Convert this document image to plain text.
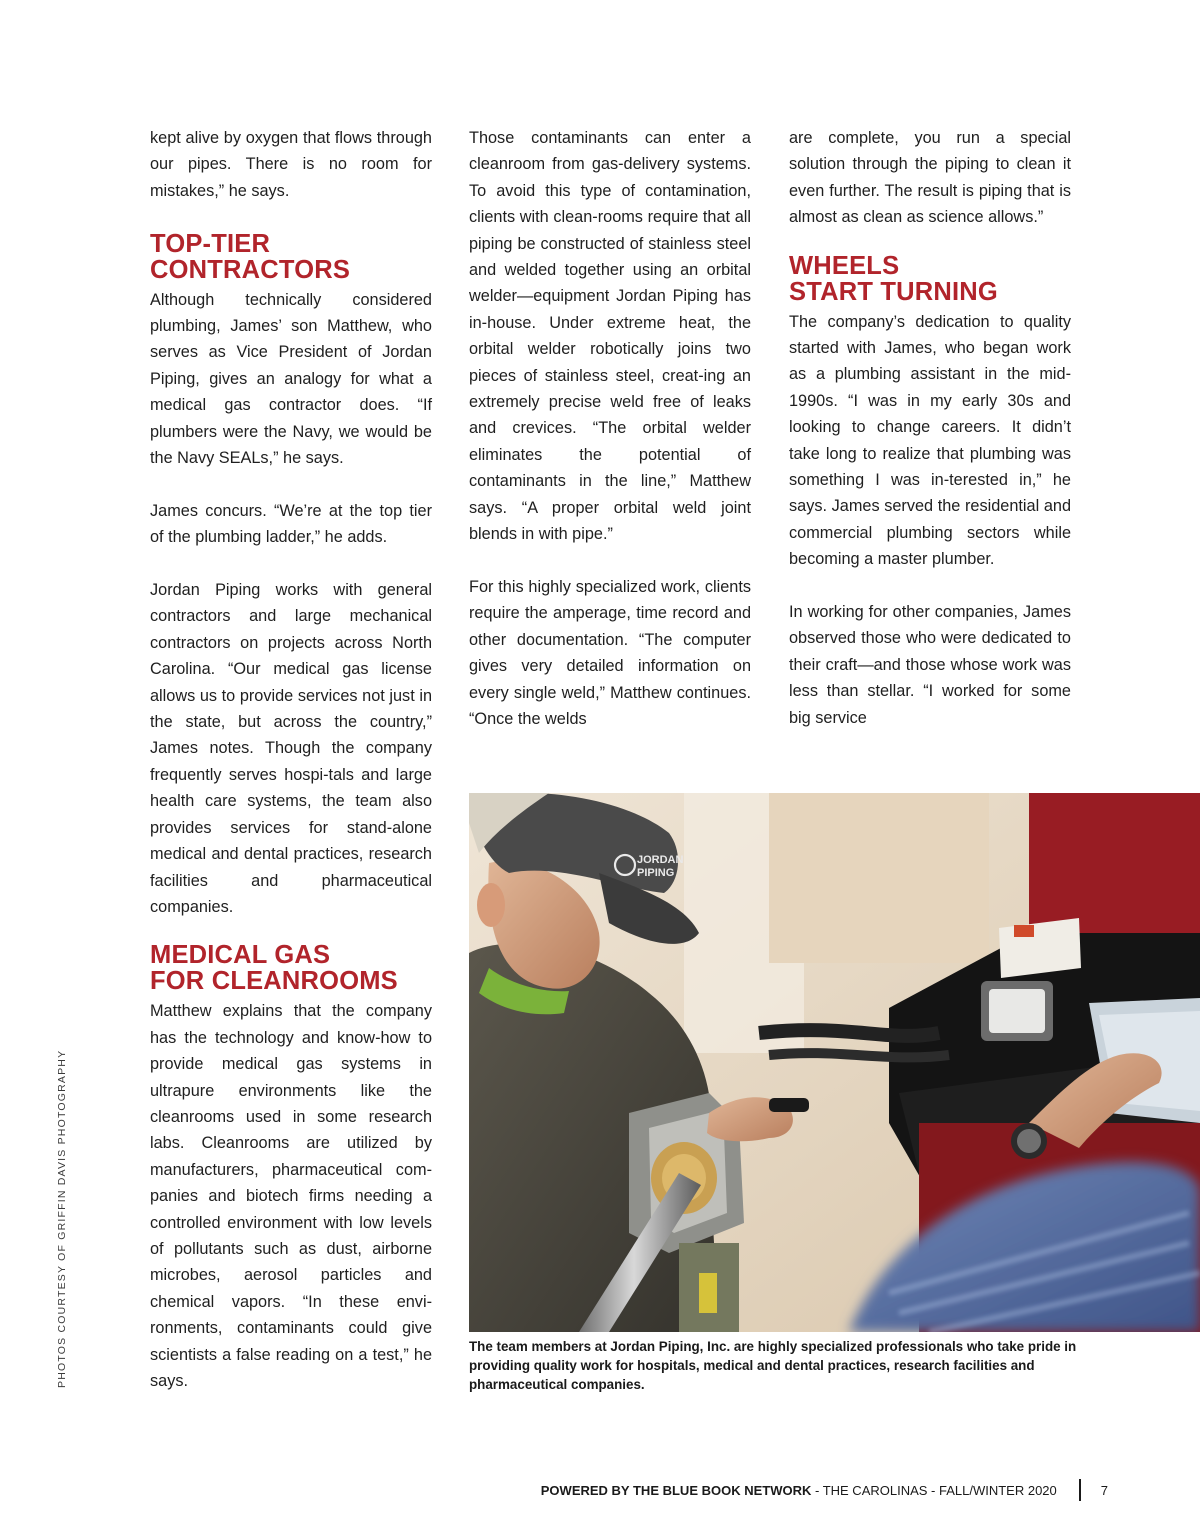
kept alive by oxygen that flows through our pipes. There is no room for mistakes,” he says.

TOP-TIER
CONTRACTORS

Although technically considered plumbing, James’ son Matthew, who serves as Vice President of Jordan Piping, gives an analogy for what a medical gas contractor does. “If plumbers were the Navy, we would be the Navy SEALs,” he says.

James concurs. “We’re at the top tier of the plumbing ladder,” he adds.

Jordan Piping works with general contractors and large mechanical contractors on projects across North Carolina. “Our medical gas license allows us to provide services not just in the state, but across the country,” James notes. Though the company frequently serves hospi-tals and large health care systems, the team also provides services for stand-alone medical and dental practices, research facilities and pharmaceutical companies.

MEDICAL GAS
FOR CLEANROOMS

Matthew explains that the company has the technology and know-how to provide medical gas systems in ultrapure environments like the cleanrooms used in some research labs. Cleanrooms are utilized by manufacturers, pharmaceutical com-panies and biotech firms needing a controlled environment with low levels of pollutants such as dust, airborne microbes, aerosol particles and chemical vapors. “In these envi-ronments, contaminants could give scientists a false reading on a test,” he says.

Those contaminants can enter a cleanroom from gas-delivery systems. To avoid this type of contamination, clients with clean-rooms require that all piping be constructed of stainless steel and welded together using an orbital welder—equipment Jordan Piping has in-house. Under extreme heat, the orbital welder robotically joins two pieces of stainless steel, creat-ing an extremely precise weld free of leaks and crevices. “The orbital welder eliminates the potential of contaminants in the line,” Matthew says. “A proper orbital weld joint blends in with pipe.”

For this highly specialized work, clients require the amperage, time record and other documentation. “The computer gives very detailed information on every single weld,” Matthew continues. “Once the welds

are complete, you run a special solution through the piping to clean it even further. The result is piping that is almost as clean as science allows.”

WHEELS
START TURNING

The company’s dedication to quality started with James, who began work as a plumbing assistant in the mid-1990s. “I was in my early 30s and looking to change careers. It didn’t take long to realize that plumbing was something I was in-terested in,” he says. James served the residential and commercial plumbing sectors while becoming a master plumber.

In working for other companies, James observed those who were dedicated to their craft—and those whose work was less than stellar. “I worked for some big service

JORDAN
PIPING
The team members at Jordan Piping, Inc. are highly specialized professionals who take pride in providing quality work for hospitals, medical and dental practices, research facilities and pharmaceutical companies.
PHOTOS COURTESY OF GRIFFIN DAVIS PHOTOGRAPHY
POWERED BY THE BLUE BOOK NETWORK - THE CAROLINAS - FALL/WINTER 2020	7
